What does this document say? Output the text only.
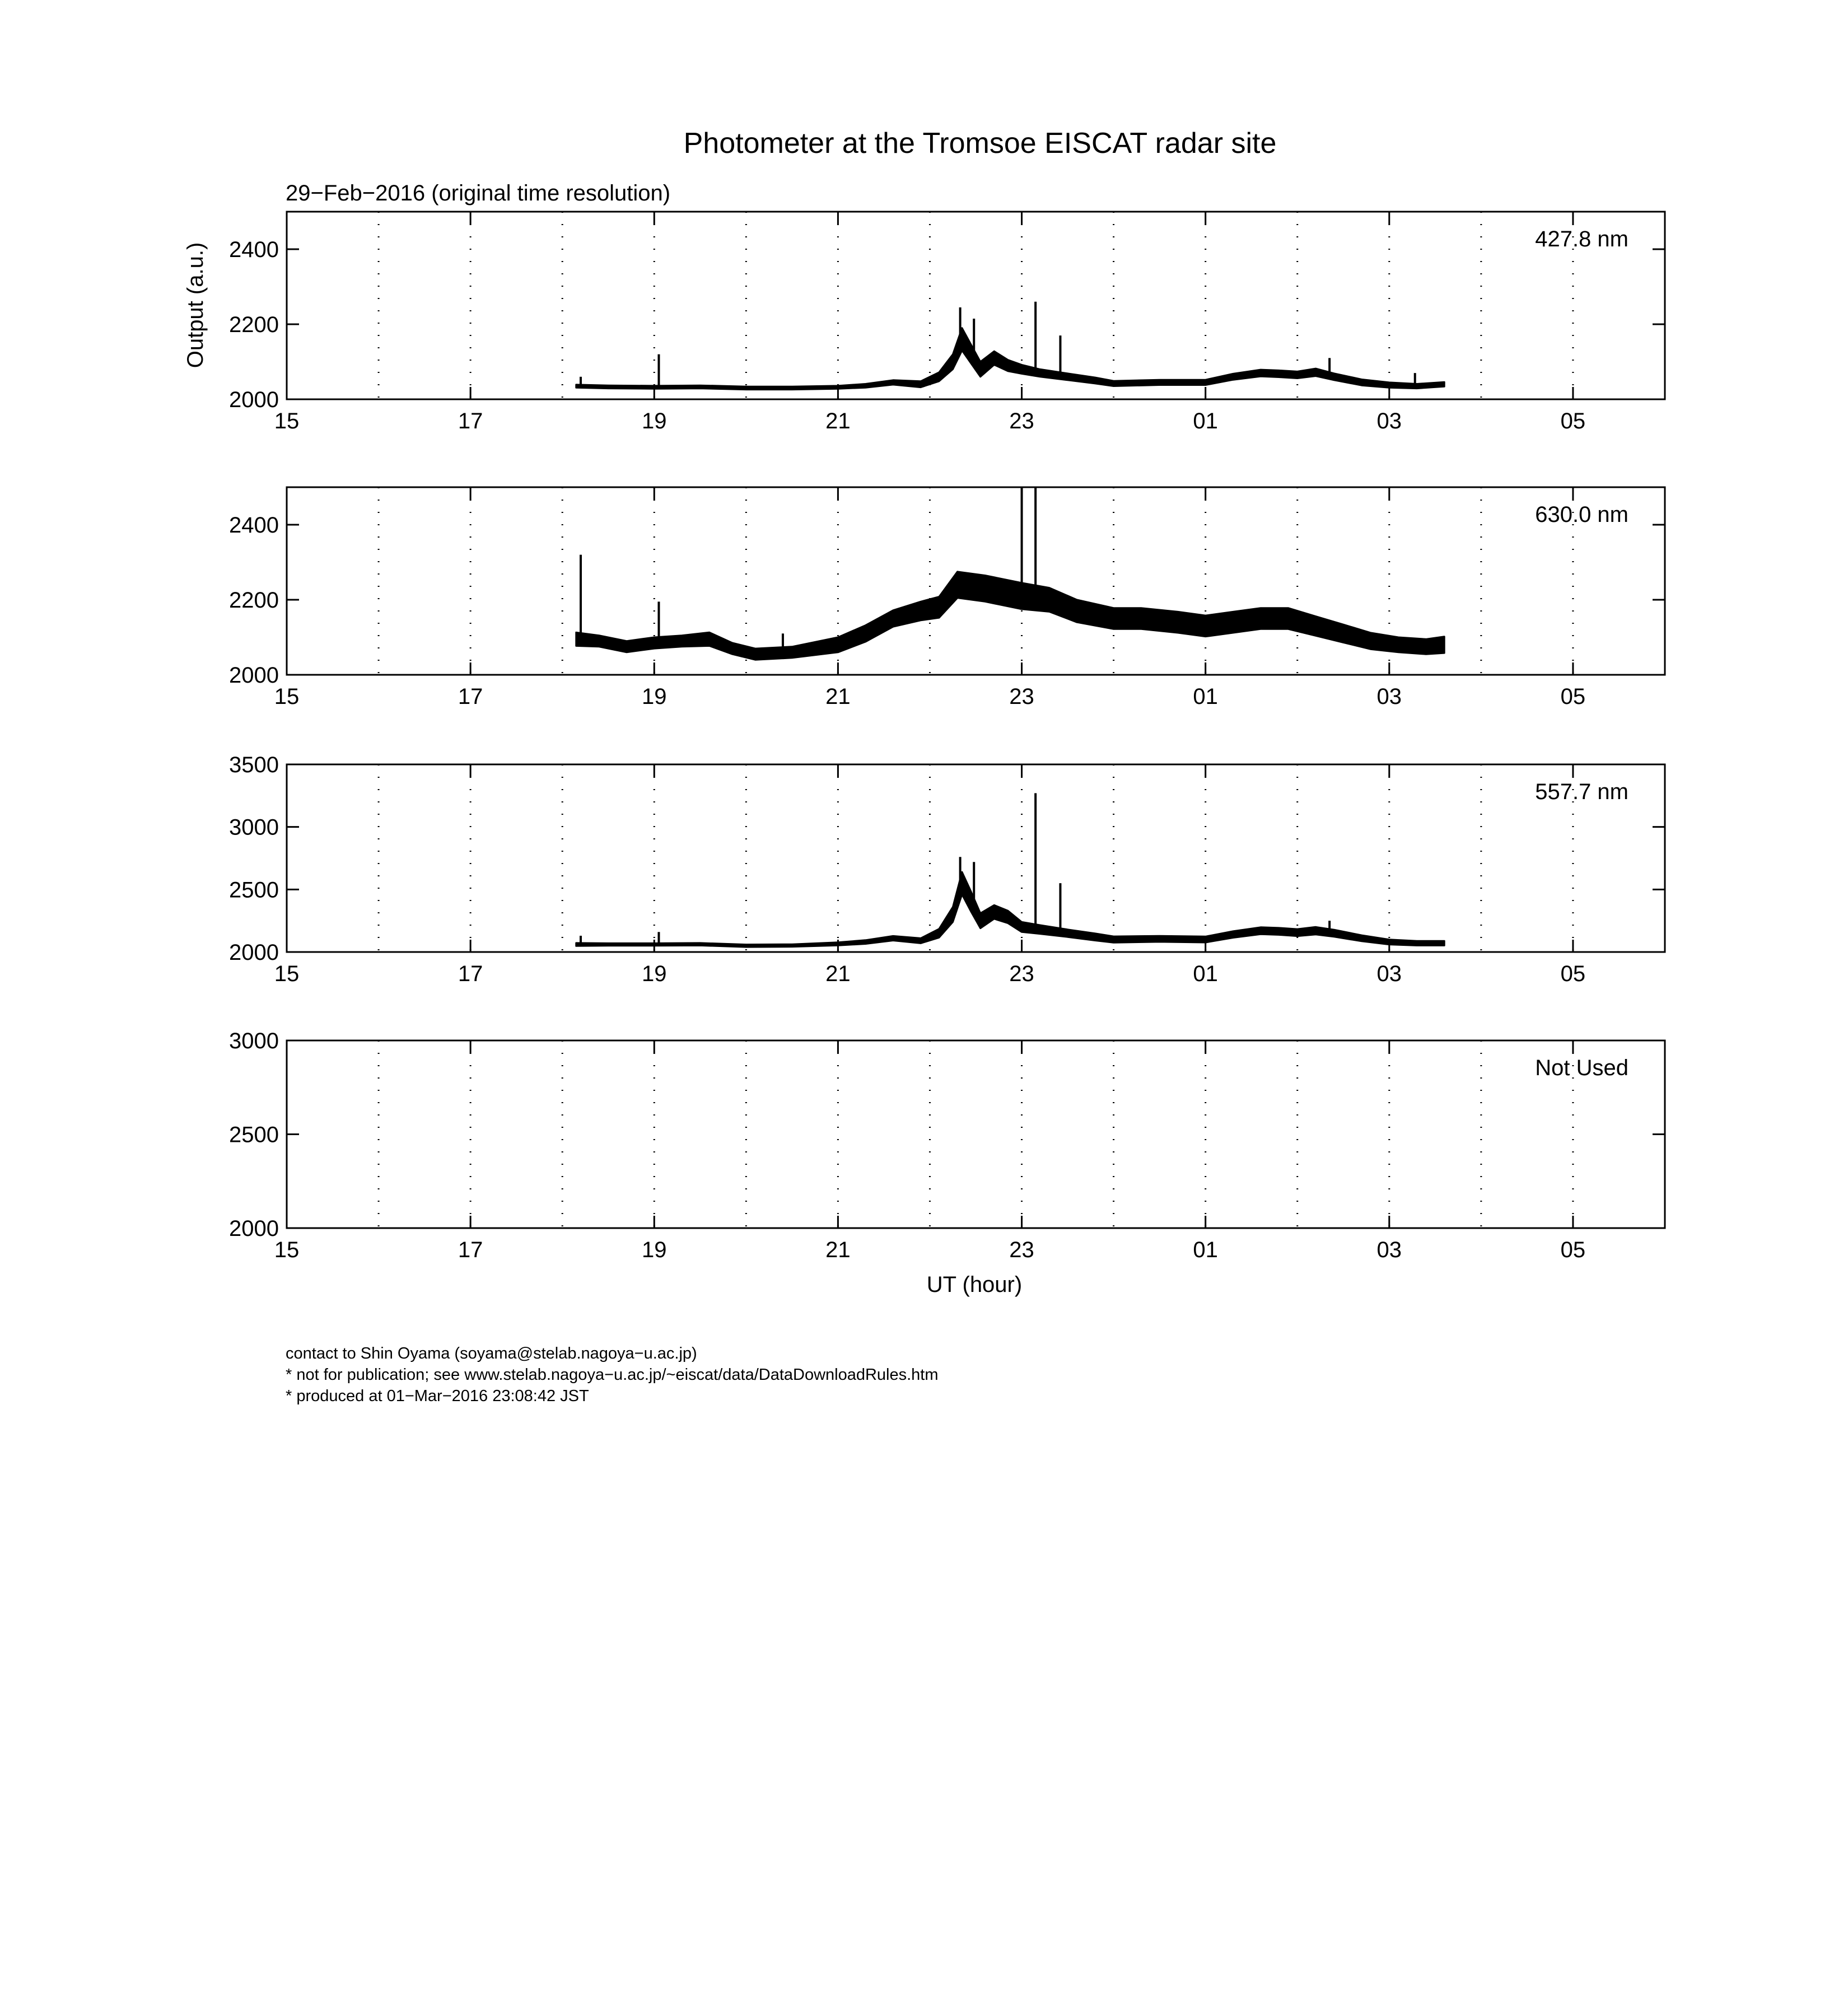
Photometer at the Tromsoe EISCAT radar site
29−Feb−2016 (original time resolution)
Output (a.u.)
UT (hour)
15	17	19	21	23	01	03	05
2000
2200
2400	427.8 nm
15	17	19	21	23	01	03	05
2000
2200
2400	630.0 nm
15	17	19	21	23	01	03	05
2000
2500
3000
3500
557.7 nm
15	17	19	21	23	01	03	05
2000
2500
3000
Not Used
contact to Shin Oyama (soyama@stelab.nagoya−u.ac.jp)
* not for publication; see www.stelab.nagoya−u.ac.jp/~eiscat/data/DataDownloadRules.htm
* produced at 01−Mar−2016 23:08:42 JST
